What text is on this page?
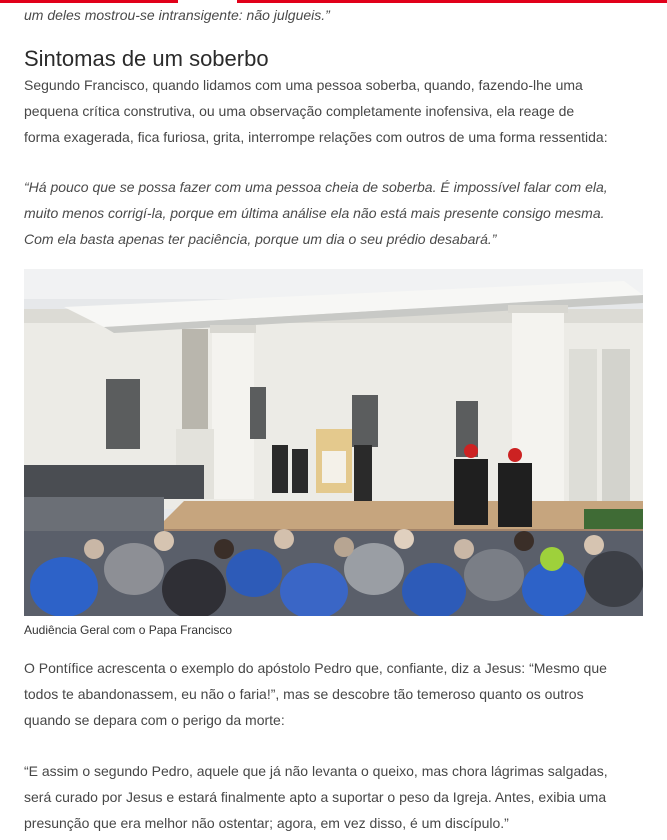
um deles mostrou-se intransigente: não julgueis.”

Sintomas de um soberbo

Segundo Francisco, quando lidamos com uma pessoa soberba, quando, fazendo-lhe uma
pequena crítica construtiva, ou uma observação completamente inofensiva, ela reage de
forma exagerada, fica furiosa, grita, interrompe relações com outros de uma forma ressentida:

“Há pouco que se possa fazer com uma pessoa cheia de soberba. É impossível falar com ela,
muito menos corrigí-la, porque em última análise ela não está mais presente consigo mesma.
Com ela basta apenas ter paciência, porque um dia o seu prédio desabará.”

Audiência Geral com o Papa Francisco

O Pontífice acrescenta o exemplo do apóstolo Pedro que, confiante, diz a Jesus: “Mesmo que
todos te abandonassem, eu não o faria!”, mas se descobre tão temeroso quanto os outros
quando se depara com o perigo da morte:

“E assim o segundo Pedro, aquele que já não levanta o queixo, mas chora lágrimas salgadas,
será curado por Jesus e estará finalmente apto a suportar o peso da Igreja. Antes, exibia uma
presunção que era melhor não ostentar; agora, em vez disso, é um discípulo.”
